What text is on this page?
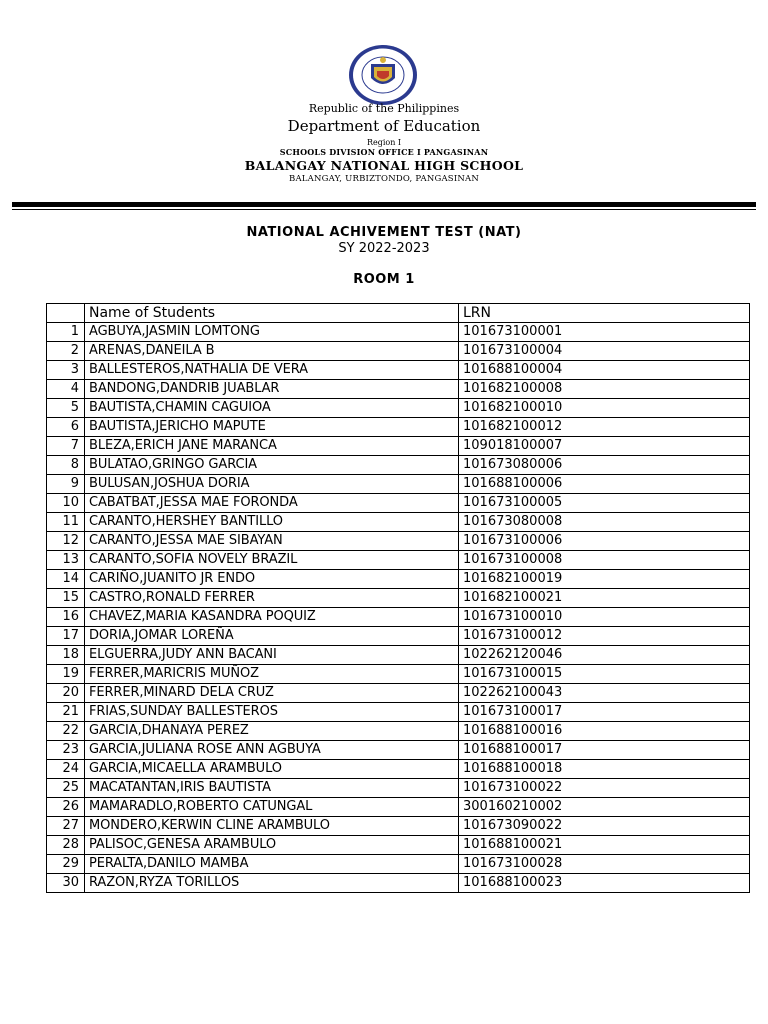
Republic of the Philippines
Department of Education
Region I
SCHOOLS DIVISION OFFICE I PANGASINAN
BALANGAY NATIONAL HIGH SCHOOL
BALANGAY, URBIZTONDO, PANGASINAN
NATIONAL ACHIVEMENT TEST (NAT)
SY 2022-2023
ROOM 1
	Name of Students	LRN
1	AGBUYA,JASMIN LOMTONG	101673100001
2	ARENAS,DANEILA B	101673100004
3	BALLESTEROS,NATHALIA DE VERA	101688100004
4	BANDONG,DANDRIB JUABLAR	101682100008
5	BAUTISTA,CHAMIN CAGUIOA	101682100010
6	BAUTISTA,JERICHO MAPUTE	101682100012
7	BLEZA,ERICH JANE MARANCA	109018100007
8	BULATAO,GRINGO GARCIA	101673080006
9	BULUSAN,JOSHUA DORIA	101688100006
10	CABATBAT,JESSA MAE FORONDA	101673100005
11	CARANTO,HERSHEY BANTILLO	101673080008
12	CARANTO,JESSA MAE SIBAYAN	101673100006
13	CARANTO,SOFIA NOVELY BRAZIL	101673100008
14	CARIÑO,JUANITO JR ENDO	101682100019
15	CASTRO,RONALD FERRER	101682100021
16	CHAVEZ,MARIA KASANDRA POQUIZ	101673100010
17	DORIA,JOMAR LOREÑA	101673100012
18	ELGUERRA,JUDY ANN BACANI	102262120046
19	FERRER,MARICRIS MUÑOZ	101673100015
20	FERRER,MINARD DELA CRUZ	102262100043
21	FRIAS,SUNDAY BALLESTEROS	101673100017
22	GARCIA,DHANAYA PEREZ	101688100016
23	GARCIA,JULIANA ROSE ANN AGBUYA	101688100017
24	GARCIA,MICAELLA ARAMBULO	101688100018
25	MACATANTAN,IRIS BAUTISTA	101673100022
26	MAMARADLO,ROBERTO CATUNGAL	300160210002
27	MONDERO,KERWIN CLINE ARAMBULO	101673090022
28	PALISOC,GENESA ARAMBULO	101688100021
29	PERALTA,DANILO MAMBA	101673100028
30	RAZON,RYZA TORILLOS	101688100023
